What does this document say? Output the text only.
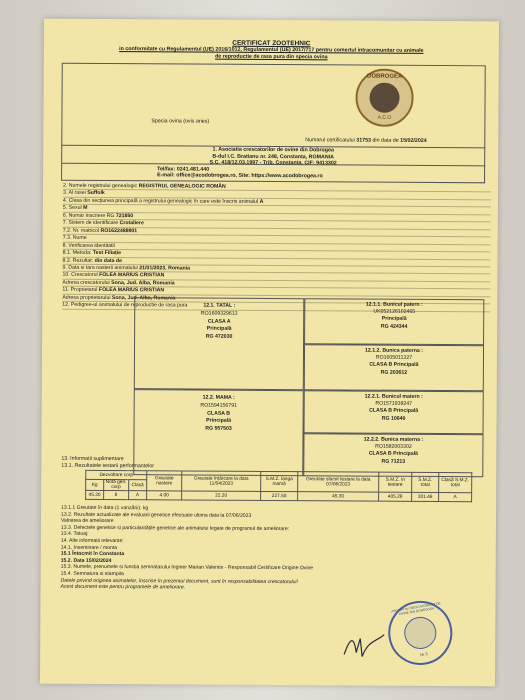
CERTIFICAT ZOOTEHNIC
in conformitate cu Regulamentul (UE) 2016/1012, Regulamentul (UE) 2017/717 pentru comertul intracomunitar cu animale
de reproductie de rasa pura din specia ovina
Specia ovina (ovis aries)
DOBROGEA
A.C.O
Numarul certificatului 31753 din data de 15/02/2024
1. Asociatia crescatorilor de ovine din Dobrogea
B-dul I.C. Bratianu nr. 248, Constanta, ROMANIA
S.C. 418/12.03.1997 - Trib. Constanta, CIF: 9413302
Tel/fax: 0241.481.440
E-mail: office@acodobrogea.ro, Site: https://www.acodobrogea.ro
2. Numele registrului genealogic REGISTRUL GENEALOGIC ROMÂN
3. Al rasei Suffolk
4. Clasa din secțiunea principală a registrului genealogic în care este înscris animalul A
5. Sexul M
6. Numar inscriere RG 721850
7. Sistem de identificare Crotaliere
7.2. Nr. matricol RO1622488901
7.3. Nume
8. Verificarea identitatii
8.1. Metoda: Test Filiație
8.2. Rezultat: din data de
9. Data si tara nasterii animalului 21/01/2023, Romania
10. Crescatorul FOLEA MARIUS CRISTIAN
Adresa crescatorului Sona, Jud. Alba, Romania
11. Proprietarul FOLEA MARIUS CRISTIAN
Adresa proprietarului Sona, Jud. Alba, Romania
12. Pedigree-ul animalului de reproductie de rasa pura	12.1. TATAL :
RO1609329613
CLASA A
Principală
RG 472030
12.2. MAMA :
RO1594156791
CLASA B
Principală
RG 557503
12.1.1. Bunicul patern :
UK052126102465
Principală
RG 424344
12.1.2. Bunica paterna :
RO1605011327
CLASA B Principală
RG 203612
12.2.1. Bunicul matern :
RO1571938247
CLASA B Principală
RG 10640
12.2.2. Bunica materna :
RO1582003302
CLASA B Principală
RG 71213
13. Informatii suplimentare
13.1. Rezultatele testarii performantelor
Dezvoltare corp			Greutate nastere	Greutate înțărcare la data 11/04/2023	S.M.Z. langa mamă	Greutate sfarsit testare la data 07/06/2023	S.M.Z. in testare	S.M.Z. total	Clasă S.M.Z. total
Kg	Notă gen. corp	Clasă							
45.30	8	A	4.00	22.20	227.50	45.30	405.28	301.46	A
13.1.1 Greutate în data (1 vanzării): kg
13.2. Rezultate actualizate ale evaluarii genetice efectuate ultima data la 07/06/2023
Valoarea de ameliorare
13.3. Defectele genetice si particularitățile genetice ale animalului legate de programul de ameliorare:
13.4. Tatuaj:
14. Alte informatii relevante:
14.1. Inseminare / monta
15.1 Întocmit în Constanta
15.2. Data 15/02/2024
15.3. Numele, prenumele si funcția semnatarului Inginer Marian Valentin - Responsabil Certificare Origine Ovine
15.4. Semnatura si stampila
Datele privind originea animalelor, înscrise în prezentul document, sunt în responsabilitatea crescatorului!
Acest document este pentru programele de ameliorare.
ASOCIATIA CRESCATORILOR DE OVINE DIN DOBROGEA
Nr.3
